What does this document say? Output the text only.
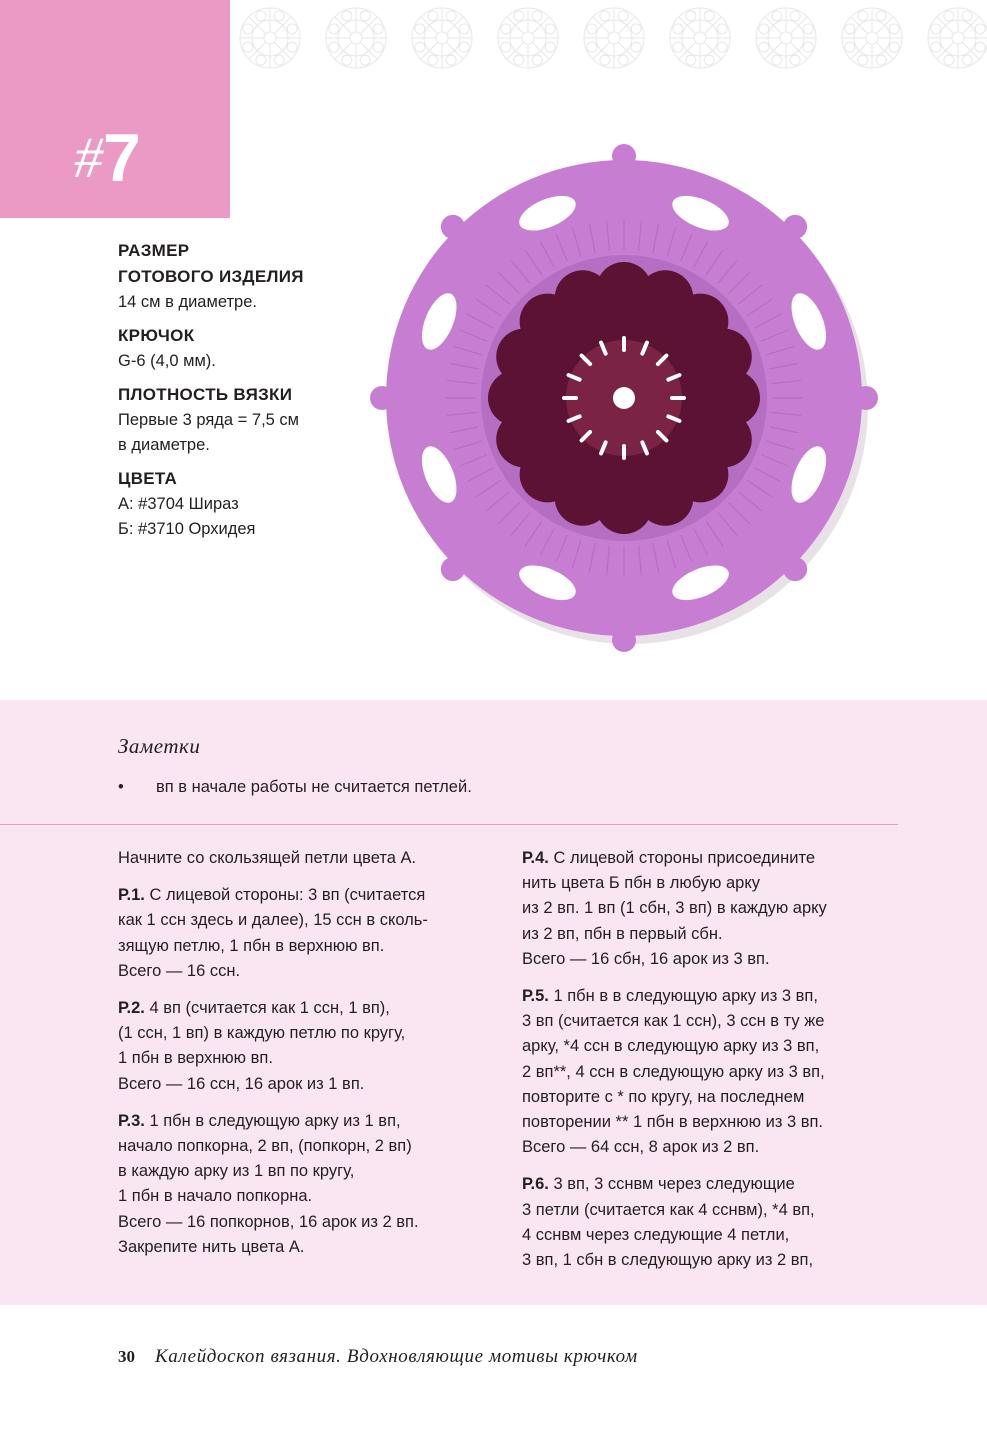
#7
РАЗМЕР
ГОТОВОГО ИЗДЕЛИЯ
14 см в диаметре.
КРЮЧОК
G-6 (4,0 мм).
ПЛОТНОСТЬ ВЯЗКИ
Первые 3 ряда = 7,5 см
в диаметре.
ЦВЕТА
А: #3704 Шираз
Б: #3710 Орхидея
Заметки
• вп в начале работы не считается петлей.

Начните со скользящей петли цвета А.

Р.1. С лицевой стороны: 3 вп (считается
как 1 ссн здесь и далее), 15 ссн в сколь-
зящую петлю, 1 пбн в верхнюю вп.
Всего — 16 ссн.

Р.2. 4 вп (считается как 1 ссн, 1 вп),
(1 ссн, 1 вп) в каждую петлю по кругу,
1 пбн в верхнюю вп.
Всего — 16 ссн, 16 арок из 1 вп.

Р.3. 1 пбн в следующую арку из 1 вп,
начало попкорна, 2 вп, (попкорн, 2 вп)
в каждую арку из 1 вп по кругу,
1 пбн в начало попкорна.
Всего — 16 попкорнов, 16 арок из 2 вп.
Закрепите нить цвета А.

Р.4. С лицевой стороны присоедините
нить цвета Б пбн в любую арку
из 2 вп. 1 вп (1 сбн, 3 вп) в каждую арку
из 2 вп, пбн в первый сбн.
Всего — 16 сбн, 16 арок из 3 вп.

Р.5. 1 пбн в в следующую арку из 3 вп,
3 вп (считается как 1 ссн), 3 ссн в ту же
арку, *4 ссн в следующую арку из 3 вп,
2 вп**, 4 ссн в следующую арку из 3 вп,
повторите с * по кругу, на последнем
повторении ** 1 пбн в верхнюю из 3 вп.
Всего — 64 ссн, 8 арок из 2 вп.

Р.6. 3 вп, 3 сснвм через следующие
3 петли (считается как 4 сснвм), *4 вп,
4 сснвм через следующие 4 петли,
3 вп, 1 сбн в следующую арку из 2 вп,

30 Калейдоскоп вязания. Вдохновляющие мотивы крючком
